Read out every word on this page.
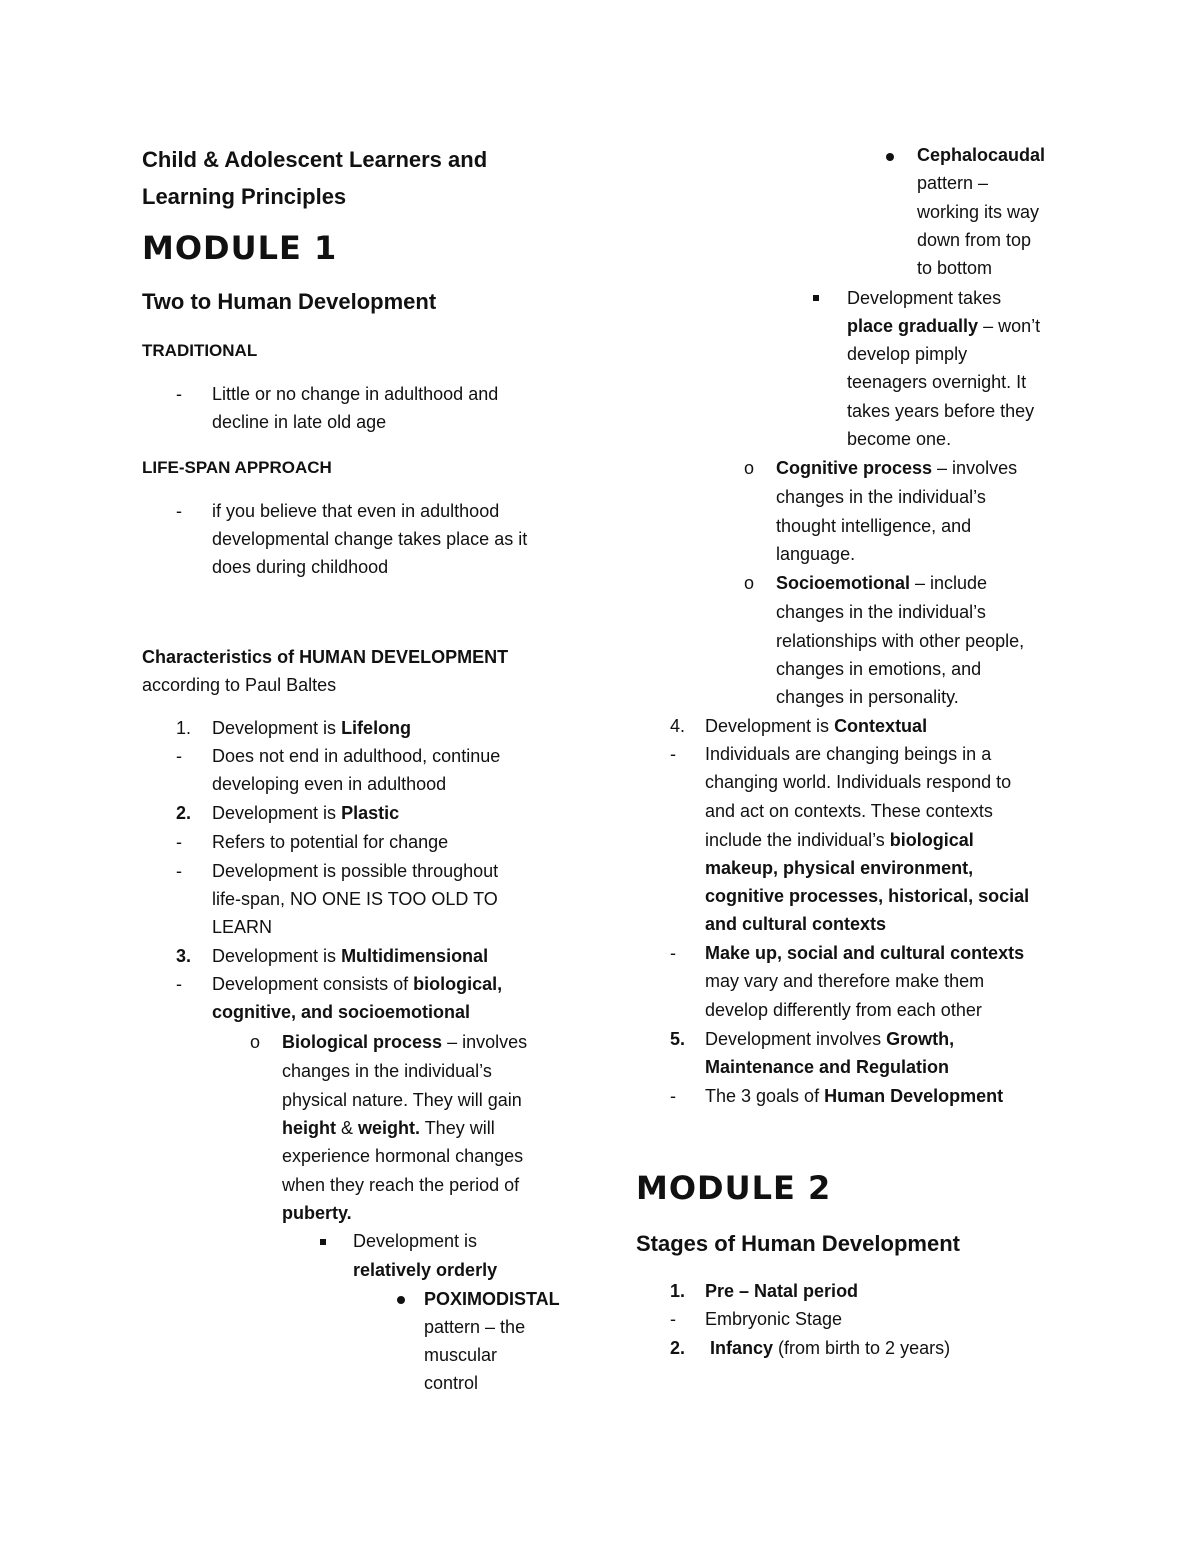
Child & Adolescent Learners and
Learning Principles
MODULE 1
Two to Human Development
TRADITIONAL
- Little or no change in adulthood and
decline in late old age
LIFE-SPAN APPROACH
- if you believe that even in adulthood
developmental change takes place as it
does during childhood
Characteristics of HUMAN DEVELOPMENT
according to Paul Baltes
1. Development is Lifelong
- Does not end in adulthood, continue
developing even in adulthood
2. Development is Plastic
- Refers to potential for change
- Development is possible throughout
life-span, NO ONE IS TOO OLD TO
LEARN
3. Development is Multidimensional
- Development consists of biological,
cognitive, and socioemotional
o Biological process – involves
changes in the individual’s
physical nature. They will gain
height & weight. They will
experience hormonal changes
when they reach the period of
puberty.
Development is
relatively orderly
POXIMODISTAL
pattern – the
muscular
control
Cephalocaudal
pattern –
working its way
down from top
to bottom
Development takes
place gradually – won’t
develop pimply
teenagers overnight. It
takes years before they
become one.
o Cognitive process – involves
changes in the individual’s
thought intelligence, and
language.
o Socioemotional – include
changes in the individual’s
relationships with other people,
changes in emotions, and
changes in personality.
4. Development is Contextual
- Individuals are changing beings in a
changing world. Individuals respond to
and act on contexts. These contexts
include the individual’s biological
makeup, physical environment,
cognitive processes, historical, social
and cultural contexts
- Make up, social and cultural contexts
may vary and therefore make them
develop differently from each other
5. Development involves Growth,
Maintenance and Regulation
- The 3 goals of Human Development
MODULE 2
Stages of Human Development
1. Pre – Natal period
- Embryonic Stage
2. Infancy (from birth to 2 years)
